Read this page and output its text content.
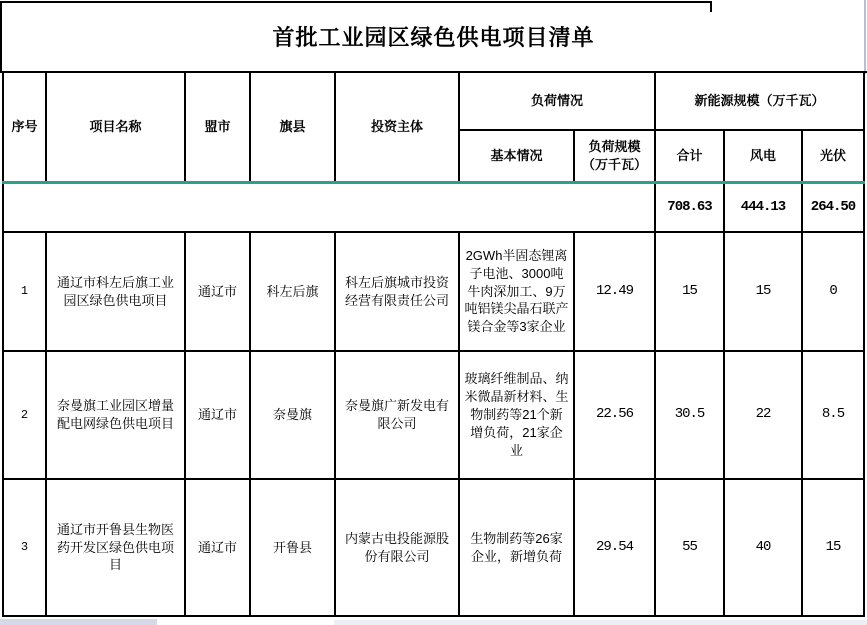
首批工业园区绿色供电项目清单
序号	项目名称	盟市	旗县	投资主体	负荷情况		新能源规模（万千瓦）		
					基本情况	负荷规模（万千瓦）	合计	风电	光伏
							708.63	444.13	264.50
1	通辽市科左后旗工业园区绿色供电项目	通辽市	科左后旗	科左后旗城市投资经营有限责任公司	2GWh半固态锂离子电池、3000吨牛肉深加工、9万吨铝镁尖晶石联产镁合金等3家企业	12.49	15	15	0
2	奈曼旗工业园区增量配电网绿色供电项目	通辽市	奈曼旗	奈曼旗广新发电有限公司	玻璃纤维制品、纳米微晶新材料、生物制药等21个新增负荷，21家企业	22.56	30.5	22	8.5
3	通辽市开鲁县生物医药开发区绿色供电项目	通辽市	开鲁县	内蒙古电投能源股份有限公司	生物制药等26家企业，新增负荷	29.54	55	40	15
